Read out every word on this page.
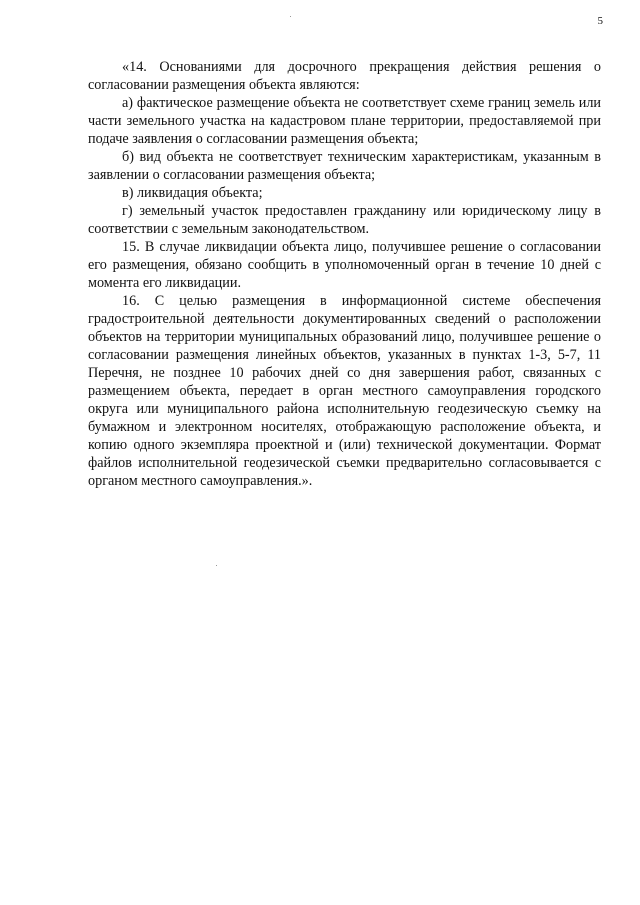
5

«14. Основаниями для досрочного прекращения действия решения о согласовании размещения объекта являются:

а) фактическое размещение объекта не соответствует схеме границ земель или части земельного участка на кадастровом плане территории, предоставляемой при подаче заявления о согласовании размещения объекта;

б) вид объекта не соответствует техническим характеристикам, указанным в заявлении о согласовании размещения объекта;

в) ликвидация объекта;

г) земельный участок предоставлен гражданину или юридическому лицу в соответствии с земельным законодательством.

15. В случае ликвидации объекта лицо, получившее решение о согласовании его размещения, обязано сообщить в уполномоченный орган в течение 10 дней с момента его ликвидации.

16. С целью размещения в информационной системе обеспечения градостроительной деятельности документированных сведений о расположении объектов на территории муниципальных образований лицо, получившее решение о согласовании размещения линейных объектов, указанных в пунктах 1-3, 5-7, 11 Перечня, не позднее 10 рабочих дней со дня завершения работ, связанных с размещением объекта, передает в орган местного самоуправления городского округа или муниципального района исполнительную геодезическую съемку на бумажном и электронном носителях, отображающую расположение объекта, и копию одного экземпляра проектной и (или) технической документации. Формат файлов исполнительной геодезической съемки предварительно согласовывается с органом местного самоуправления.».
